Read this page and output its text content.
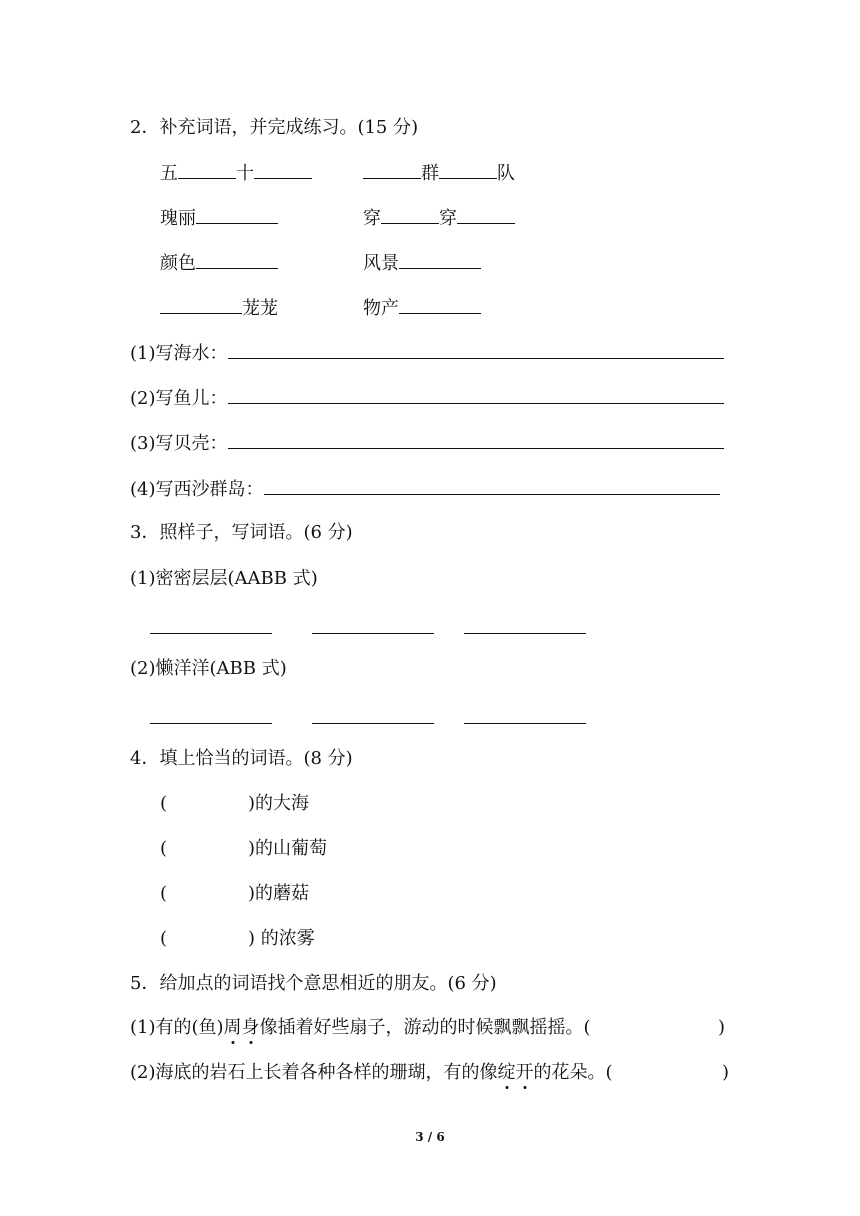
2．补充词语，并完成练习。(15 分)
五	十	群	队
瑰丽	穿	穿
颜色	风景
茏茏	物产
(1)写海水：
(2)写鱼儿：
(3)写贝壳：
(4)写西沙群岛：
3．照样子，写词语。(6 分)
(1)密密层层(AABB 式)
(2)懒洋洋(ABB 式)
4．填上恰当的词语。(8 分)
(	)的大海
(	)的山葡萄
(	)的蘑菇
(	) 的浓雾
5．给加点的词语找个意思相近的朋友。(6 分)
(1)有的(鱼)周身像插着好些扇子，游动的时候飘飘摇摇。(	)
(2)海底的岩石上长着各种各样的珊瑚，有的像绽开的花朵。(	)
3 / 6
